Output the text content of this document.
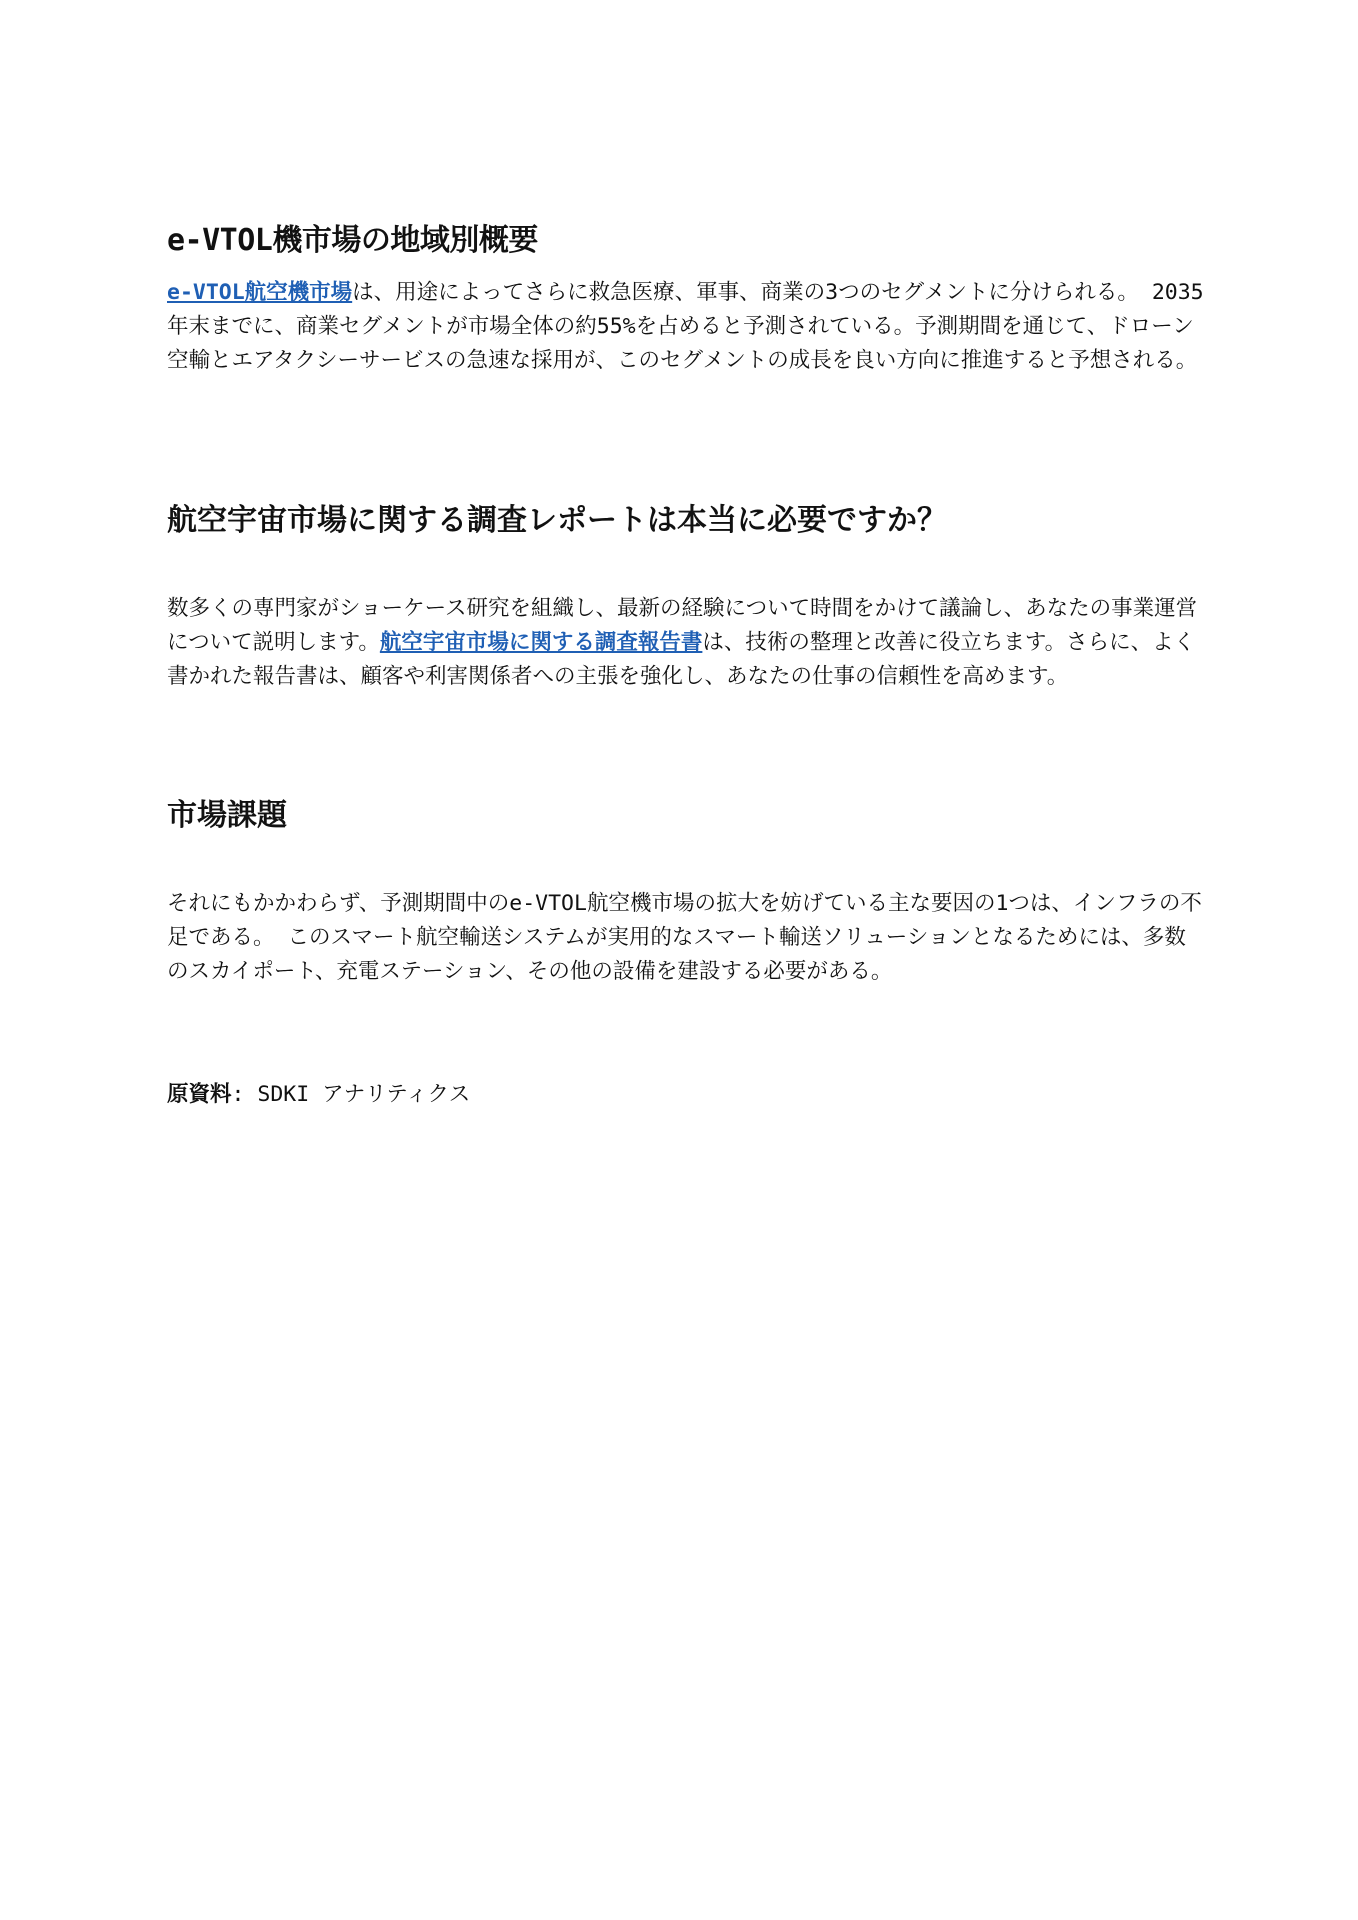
e-VTOL機市場の地域別概要

e-VTOL航空機市場は、用途によってさらに救急医療、軍事、商業の3つのセグメントに分けられる。 2035年末までに、商業セグメントが市場全体の約55%を占めると予測されている。予測期間を通じて、ドローン空輸とエアタクシーサービスの急速な採用が、このセグメントの成長を良い方向に推進すると予想される。

航空宇宙市場に関する調査レポートは本当に必要ですか？

数多くの専門家がショーケース研究を組織し、最新の経験について時間をかけて議論し、あなたの事業運営について説明します。航空宇宙市場に関する調査報告書は、技術の整理と改善に役立ちます。さらに、よく書かれた報告書は、顧客や利害関係者への主張を強化し、あなたの仕事の信頼性を高めます。

市場課題

それにもかかわらず、予測期間中のe-VTOL航空機市場の拡大を妨げている主な要因の1つは、インフラの不足である。 このスマート航空輸送システムが実用的なスマート輸送ソリューションとなるためには、多数のスカイポート、充電ステーション、その他の設備を建設する必要がある。

原資料: SDKI アナリティクス
